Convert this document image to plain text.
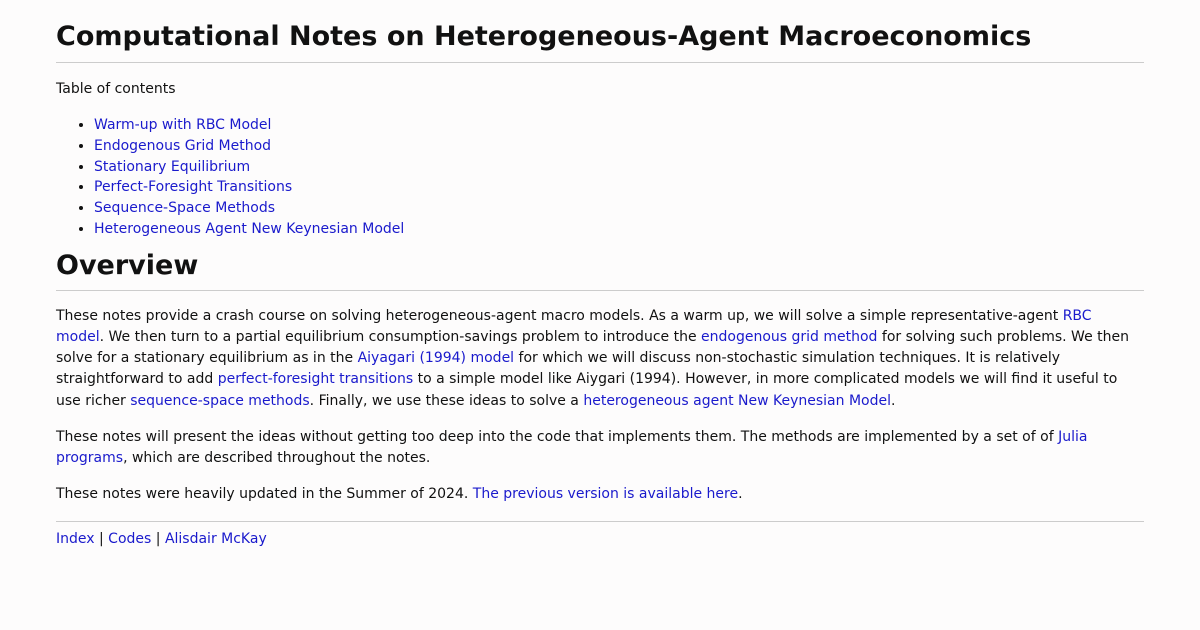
Computational Notes on Heterogeneous-Agent Macroeconomics
Table of contents
• Warm-up with RBC Model
• Endogenous Grid Method
• Stationary Equilibrium
• Perfect-Foresight Transitions
• Sequence-Space Methods
• Heterogeneous Agent New Keynesian Model
Overview

These notes provide a crash course on solving heterogeneous-agent macro models. As a warm up, we will solve a simple representative-agent RBC model. We then turn to a partial equilibrium consumption-savings problem to introduce the endogenous grid method for solving such problems. We then solve for a stationary equilibrium as in the Aiyagari (1994) model for which we will discuss non-stochastic simulation techniques. It is relatively straightforward to add perfect-foresight transitions to a simple model like Aiygari (1994). However, in more complicated models we will find it useful to use richer sequence-space methods. Finally, we use these ideas to solve a heterogeneous agent New Keynesian Model.

These notes will present the ideas without getting too deep into the code that implements them. The methods are implemented by a set of of Julia programs, which are described throughout the notes.

These notes were heavily updated in the Summer of 2024. The previous version is available here.

Index | Codes | Alisdair McKay
